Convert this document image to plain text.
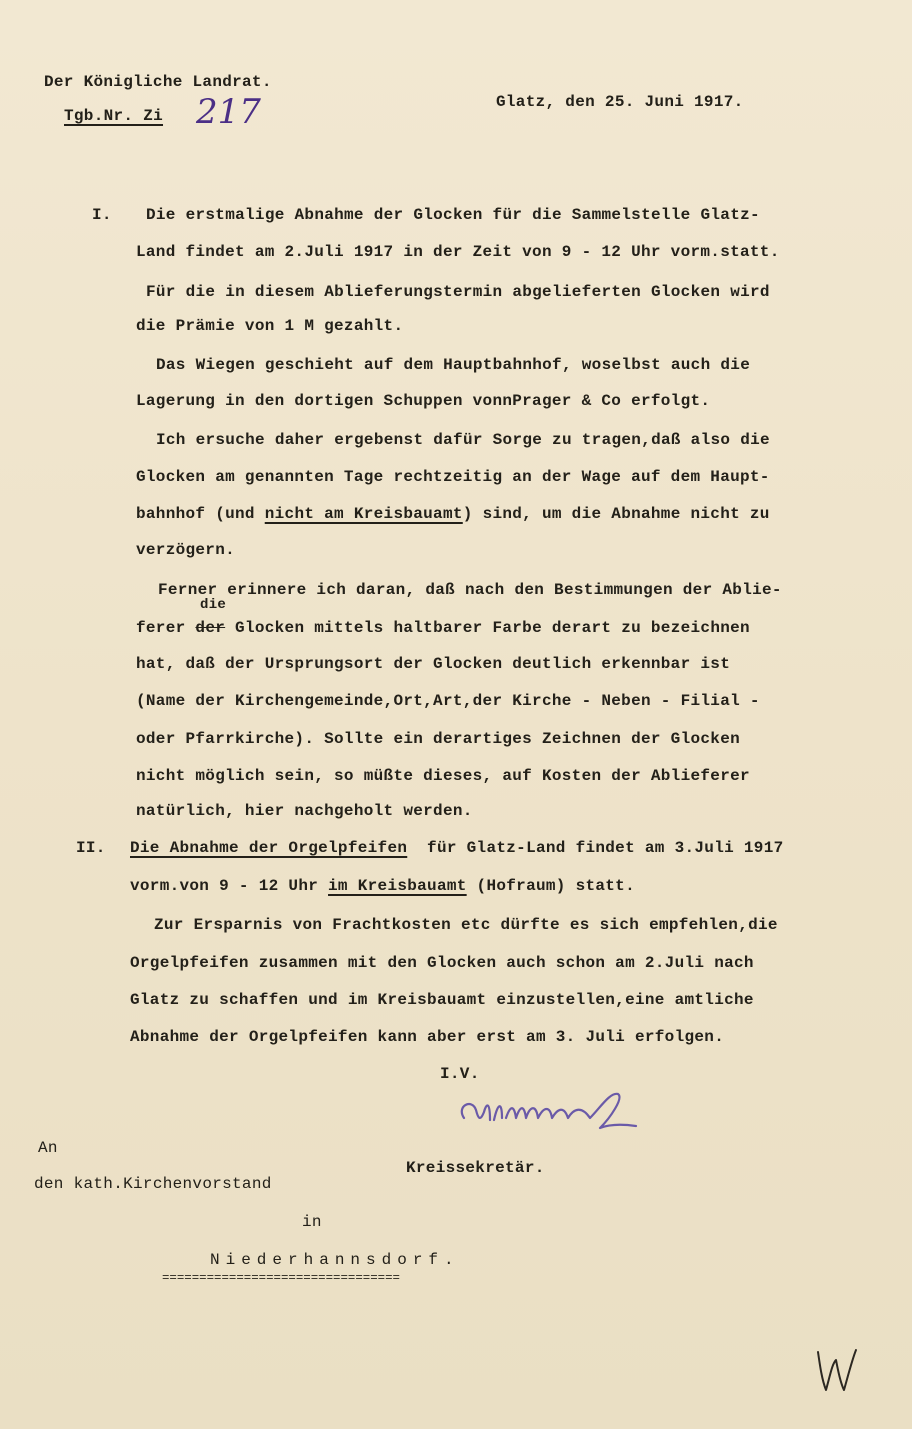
Der Königliche Landrat.
Tgb.Nr. Zi 217	Glatz, den 25. Juni 1917.
I. Die erstmalige Abnahme der Glocken für die Sammelstelle Glatz-
Land findet am 2.Juli 1917 in der Zeit von 9 - 12 Uhr vorm.statt.
Für die in diesem Ablieferungstermin abgelieferten Glocken wird
die Prämie von 1 M gezahlt.
Das Wiegen geschieht auf dem Hauptbahnhof, woselbst auch die
Lagerung in den dortigen Schuppen vonnPrager & Co erfolgt.
Ich ersuche daher ergebenst dafür Sorge zu tragen,daß also die
Glocken am genannten Tage rechtzeitig an der Wage auf dem Haupt-
bahnhof (und nicht am Kreisbauamt) sind, um die Abnahme nicht zu
verzögern.
Ferner erinnere ich daran, daß nach den Bestimmungen der Ablie-
die
ferer der Glocken mittels haltbarer Farbe derart zu bezeichnen
hat, daß der Ursprungsort der Glocken deutlich erkennbar ist
(Name der Kirchengemeinde,Ort,Art,der Kirche - Neben - Filial -
oder Pfarrkirche). Sollte ein derartiges Zeichnen der Glocken
nicht möglich sein, so müßte dieses, auf Kosten der Ablieferer
natürlich, hier nachgeholt werden.
II. Die Abnahme der Orgelpfeifen  für Glatz-Land findet am 3.Juli 1917
vorm.von 9 - 12 Uhr im Kreisbauamt (Hofraum) statt.
Zur Ersparnis von Frachtkosten etc dürfte es sich empfehlen,die
Orgelpfeifen zusammen mit den Glocken auch schon am 2.Juli nach
Glatz zu schaffen und im Kreisbauamt einzustellen,eine amtliche
Abnahme der Orgelpfeifen kann aber erst am 3. Juli erfolgen.
I.V.
Kreissekretär.
An
den kath.Kirchenvorstand
in
Niederhannsdorf.
================================
